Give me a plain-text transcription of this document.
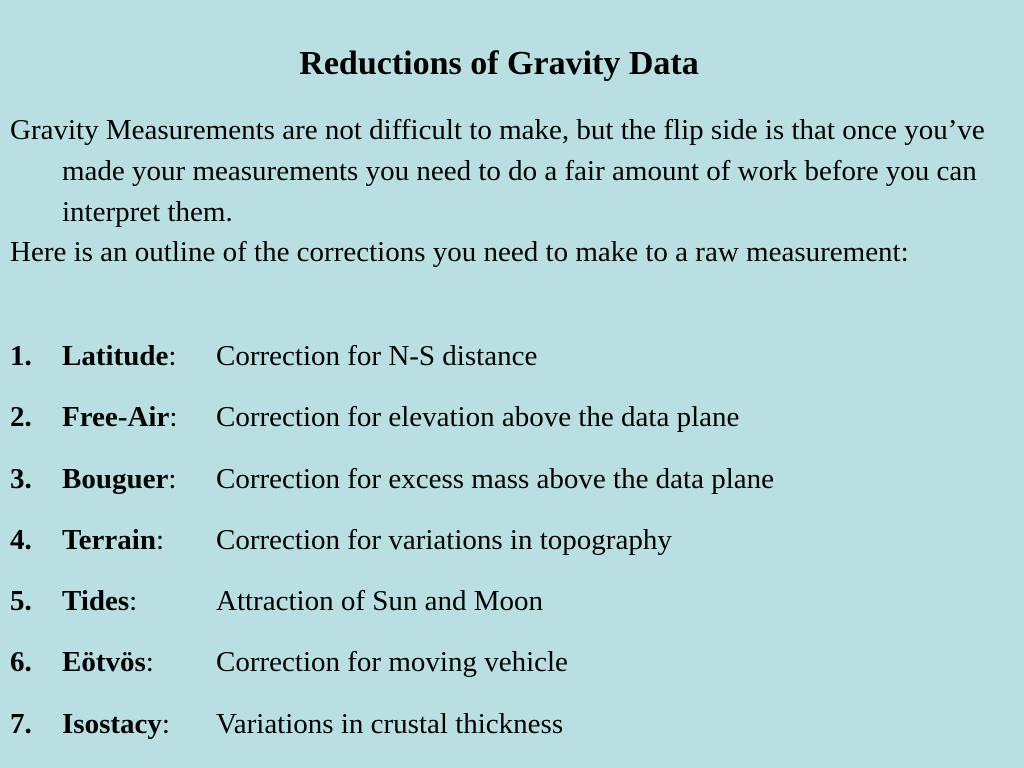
Reductions of Gravity Data

Gravity Measurements are not difficult to make, but the flip side is that once you’ve made your measurements you need to do a fair amount of work before you can interpret them.

Here is an outline of the corrections you need to make to a raw measurement:

1. Latitude: Correction for N-S distance
2. Free-Air: Correction for elevation above the data plane
3. Bouguer: Correction for excess mass above the data plane
4. Terrain: Correction for variations in topography
5. Tides:	Attraction of Sun and Moon
6. Eötvös: Correction for moving vehicle
7. Isostacy: Variations in crustal thickness
